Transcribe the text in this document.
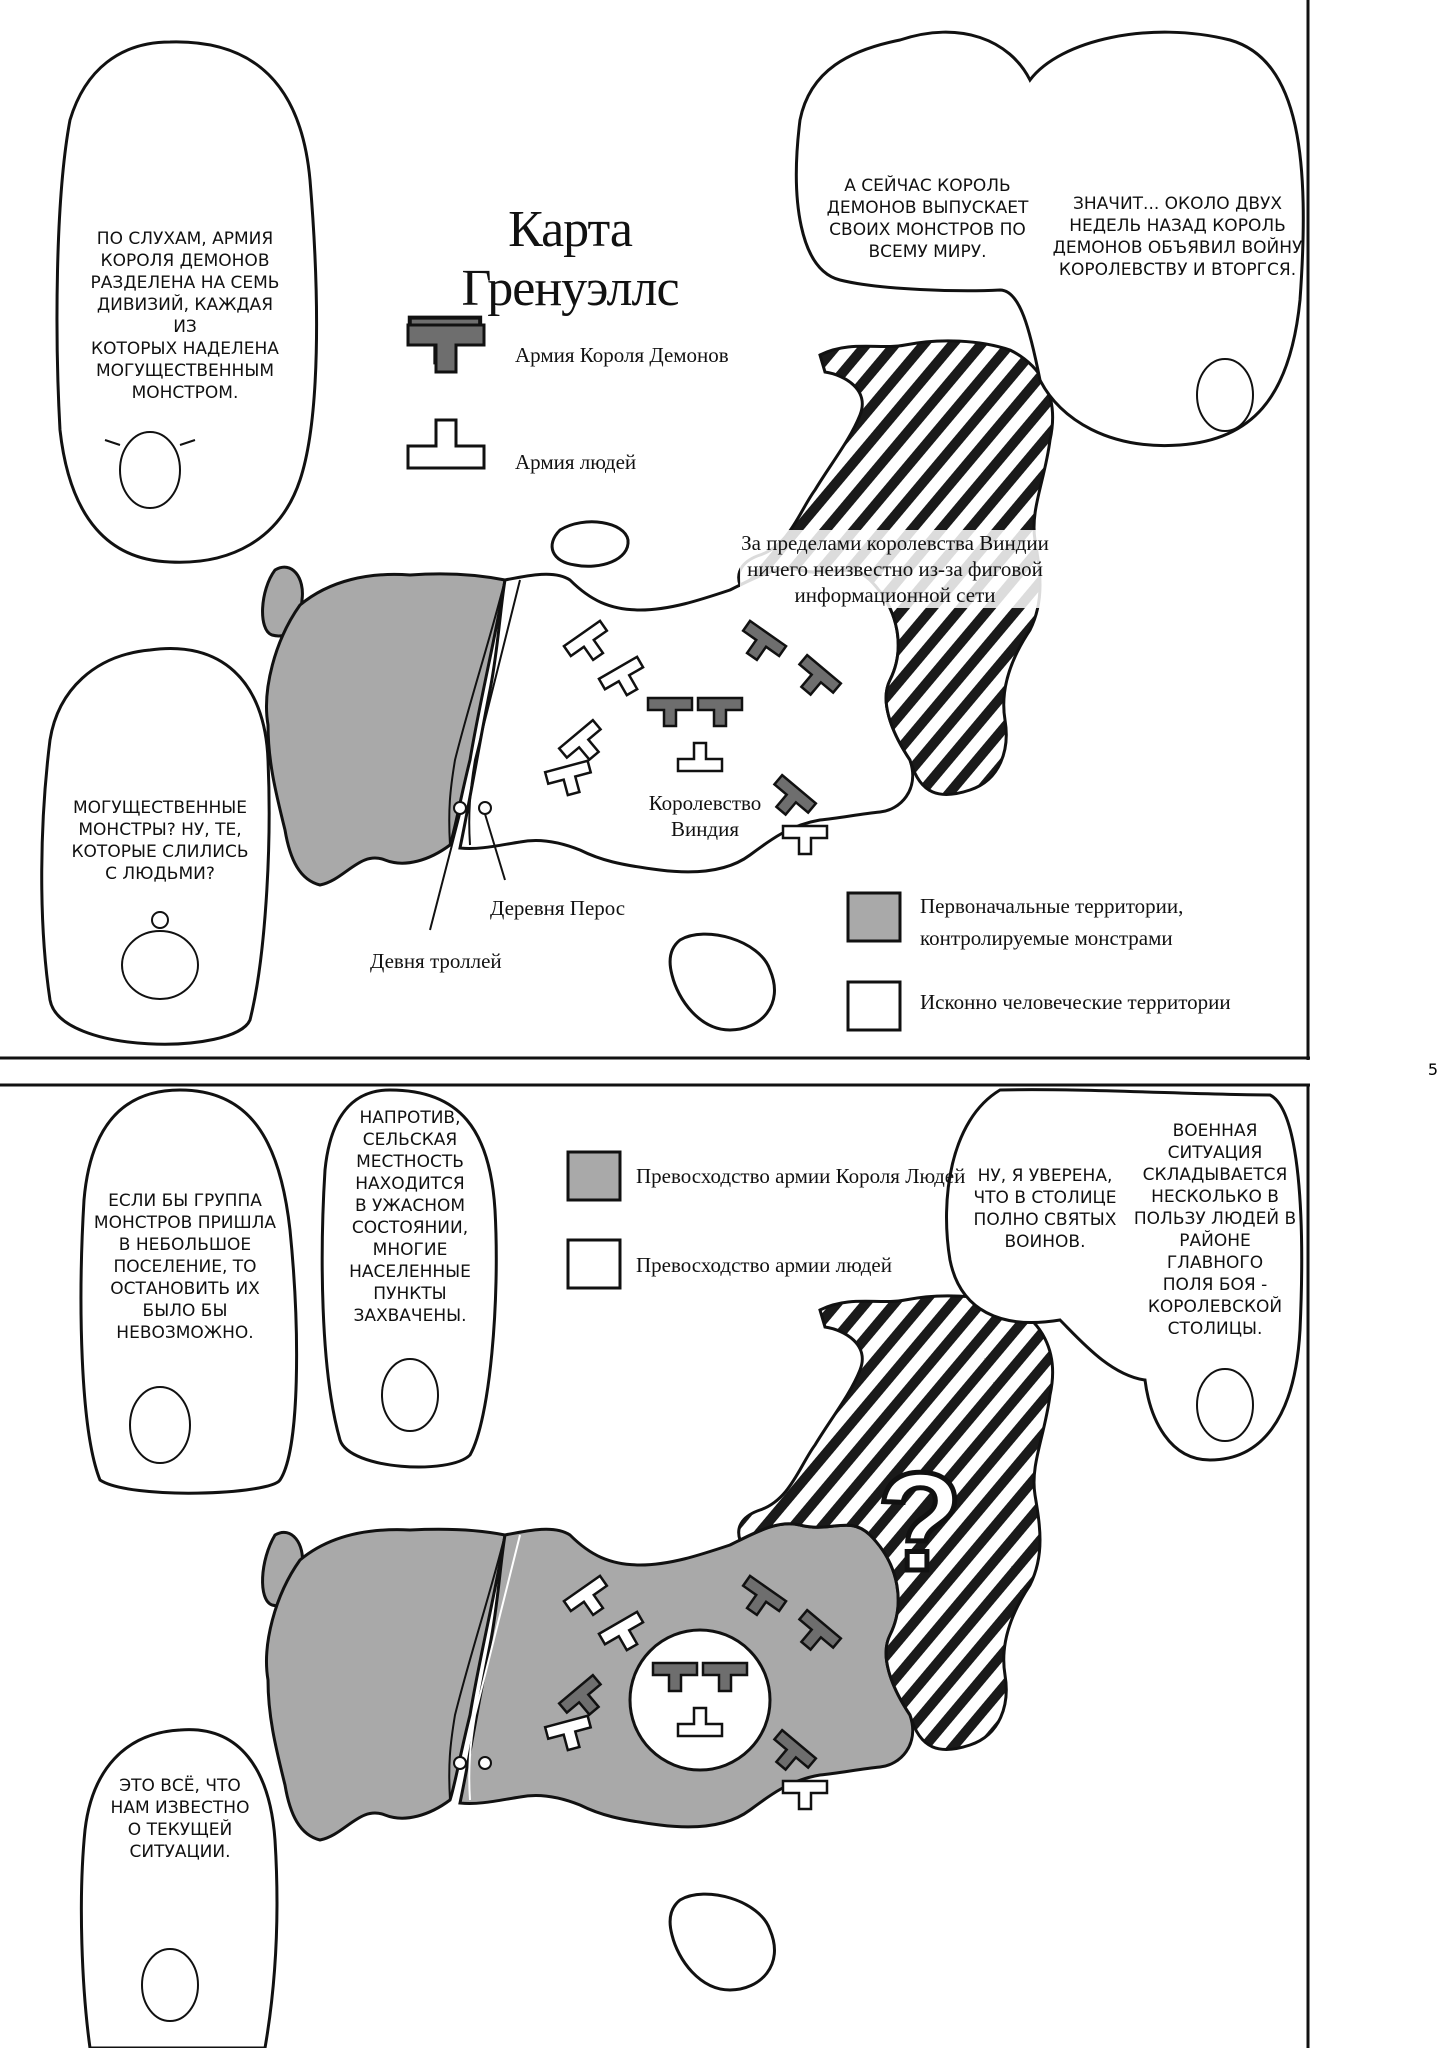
?
Карта Гренуэллс
Армия Короля Демонов
Армия людей
Первоначальные территории,
контролируемые монстрами
Исконно человеческие территории
Королевство
Виндия
Деревня Перос
Девня троллей
За пределами королевства Виндии
ничего неизвестно из-за фиговой
информационной сети
ПО СЛУХАМ, АРМИЯ
КОРОЛЯ ДЕМОНОВ
РАЗДЕЛЕНА НА СЕМЬ
ДИВИЗИЙ, КАЖДАЯ ИЗ
КОТОРЫХ НАДЕЛЕНА
МОГУЩЕСТВЕННЫМ
МОНСТРОМ.
МОГУЩЕСТВЕННЫЕ
МОНСТРЫ? НУ, ТЕ,
КОТОРЫЕ СЛИЛИСЬ
С ЛЮДЬМИ?
А СЕЙЧАС КОРОЛЬ
ДЕМОНОВ ВЫПУСКАЕТ
СВОИХ МОНСТРОВ ПО
ВСЕМУ МИРУ.
ЗНАЧИТ... ОКОЛО ДВУХ
НЕДЕЛЬ НАЗАД КОРОЛЬ
ДЕМОНОВ ОБЪЯВИЛ ВОЙНУ
КОРОЛЕВСТВУ И ВТОРГСЯ.
5
Превосходство армии Короля Людей
Превосходство армии людей
ЕСЛИ БЫ ГРУППА
МОНСТРОВ ПРИШЛА
В НЕБОЛЬШОЕ
ПОСЕЛЕНИЕ, ТО
ОСТАНОВИТЬ ИХ
БЫЛО БЫ
НЕВОЗМОЖНО.
НАПРОТИВ,
СЕЛЬСКАЯ
МЕСТНОСТЬ
НАХОДИТСЯ
В УЖАСНОМ
СОСТОЯНИИ,
МНОГИЕ
НАСЕЛЕННЫЕ
ПУНКТЫ
ЗАХВАЧЕНЫ.
НУ, Я УВЕРЕНА,
ЧТО В СТОЛИЦЕ
ПОЛНО СВЯТЫХ
ВОИНОВ.
ВОЕННАЯ
СИТУАЦИЯ
СКЛАДЫВАЕТСЯ
НЕСКОЛЬКО В
ПОЛЬЗУ ЛЮДЕЙ В
РАЙОНЕ ГЛАВНОГО
ПОЛЯ БОЯ -
КОРОЛЕВСКОЙ
СТОЛИЦЫ.
ЭТО ВСЁ, ЧТО
НАМ ИЗВЕСТНО
О ТЕКУЩЕЙ
СИТУАЦИИ.
